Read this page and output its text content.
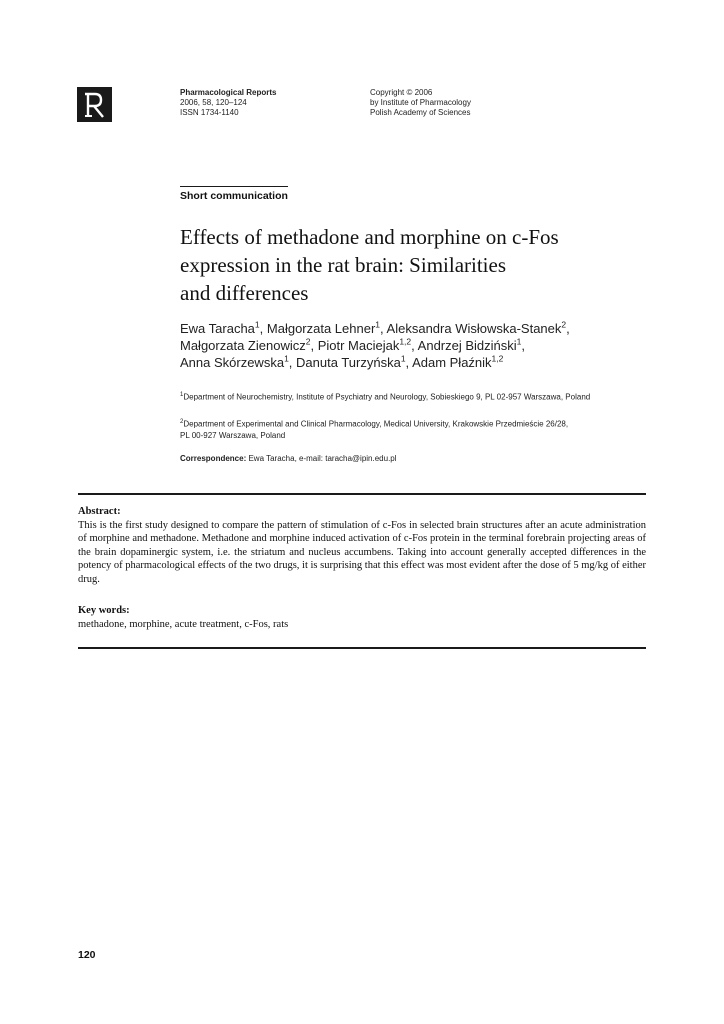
Pharmacological Reports
2006, 58, 120–124
ISSN 1734-1140
Copyright © 2006
by Institute of Pharmacology
Polish Academy of Sciences
Short communication
Effects of methadone and morphine on c-Fos
expression in the rat brain: Similarities
and differences
Ewa Taracha$^1$, Małgorzata Lehner$^1$, Aleksandra Wisłowska-Stanek$^2$,
Małgorzata Zienowicz$^2$, Piotr Maciejak$^{1,2}$, Andrzej Bidziński$^1$,
Anna Skórzewska$^1$, Danuta Turzyńska$^1$, Adam Płaźnik$^{1,2}$
$^1$Department of Neurochemistry, Institute of Psychiatry and Neurology, Sobieskiego 9, PL 02-957 Warszawa, Poland
$^2$Department of Experimental and Clinical Pharmacology, Medical University, Krakowskie Przedmieście 26/28,
PL 00-927 Warszawa, Poland
Correspondence: Ewa Taracha, e-mail: taracha@ipin.edu.pl
Abstract:
This is the first study designed to compare the pattern of stimulation of c-Fos in selected brain structures after an acute administration of morphine and methadone. Methadone and morphine induced activation of c-Fos protein in the terminal forebrain projecting areas of the brain dopaminergic system, i.e. the striatum and nucleus accumbens. Taking into account generally accepted differences in the potency of pharmacological effects of the two drugs, it is surprising that this effect was most evident after the dose of 5 mg/kg of either drug.
Key words:
methadone, morphine, acute treatment, c-Fos, rats
120
